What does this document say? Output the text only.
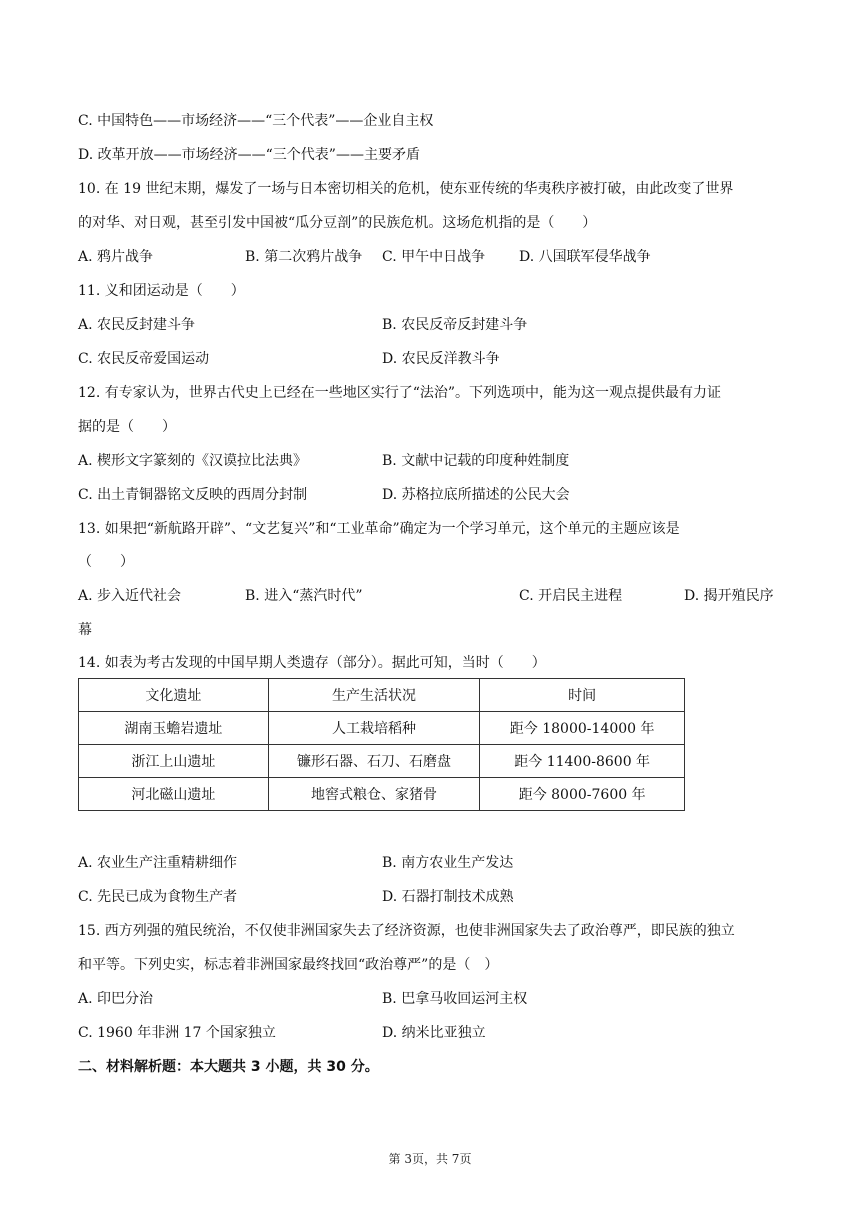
C. 中国特色——市场经济——“三个代表”——企业自主权
D. 改革开放——市场经济——“三个代表”——主要矛盾
10. 在 19 世纪末期，爆发了一场与日本密切相关的危机，使东亚传统的华夷秩序被打破，由此改变了世界
的对华、对日观，甚至引发中国被“瓜分豆剖”的民族危机。这场危机指的是（　　）
A. 鸦片战争	B. 第二次鸦片战争 C. 甲午中日战争 D. 八国联军侵华战争
11. 义和团运动是（　　）
A. 农民反封建斗争	B. 农民反帝反封建斗争
C. 农民反帝爱国运动	D. 农民反洋教斗争
12. 有专家认为，世界古代史上已经在一些地区实行了“法治”。下列选项中，能为这一观点提供最有力证
据的是（　　）
A. 楔形文字篆刻的《汉谟拉比法典》	B. 文献中记载的印度种姓制度
C. 出土青铜器铭文反映的西周分封制	D. 苏格拉底所描述的公民大会
13. 如果把“新航路开辟”、“文艺复兴”和“工业革命”确定为一个学习单元，这个单元的主题应该是
（　　）
A. 步入近代社会	B. 进入“蒸汽时代”	C. 开启民主进程	D. 揭开殖民序
幕
14. 如表为考古发现的中国早期人类遗存（部分）。据此可知，当时（　　）
文化遗址	生产生活状况	时间
湖南玉蟾岩遗址	人工栽培稻种	距今 18000-14000 年
浙江上山遗址	镰形石器、石刀、石磨盘	距今 11400-8600 年
河北磁山遗址	地窖式粮仓、家猪骨	距今 8000-7600 年
A. 农业生产注重精耕细作	B. 南方农业生产发达
C. 先民已成为食物生产者	D. 石器打制技术成熟
15. 西方列强的殖民统治，不仅使非洲国家失去了经济资源，也使非洲国家失去了政治尊严，即民族的独立
和平等。下列史实，标志着非洲国家最终找回“政治尊严”的是（　）
A. 印巴分治	B. 巴拿马收回运河主权
C. 1960 年非洲 17 个国家独立	D. 纳米比亚独立
二、材料解析题：本大题共 3 小题，共 30 分。
第 3页，共 7页
